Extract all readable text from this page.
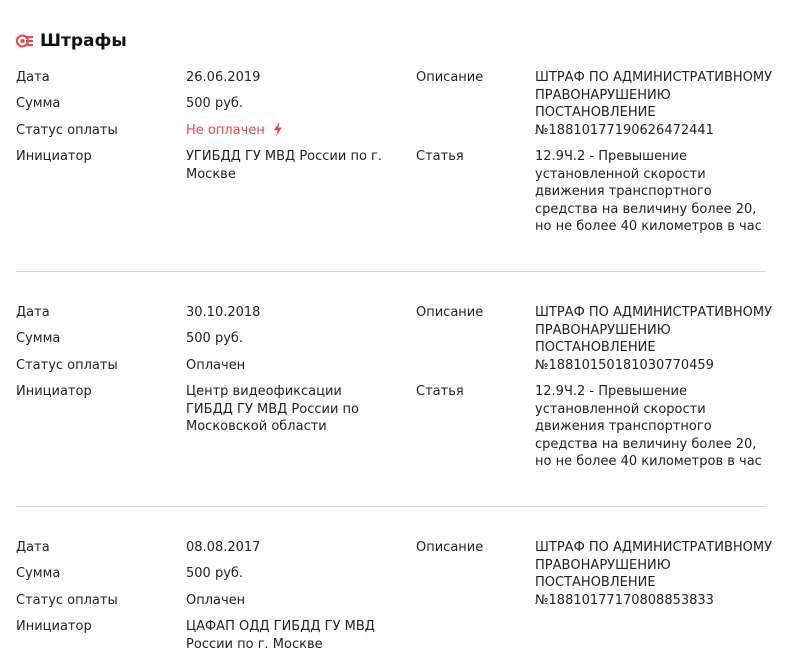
Штрафы
Дата	26.06.2019
Сумма	500 руб.
Статус оплаты	Не оплачен
Инициатор	УГИБДД ГУ МВД России по г. Москве
Описание	ШТРАФ ПО АДМИНИСТРАТИВНОМУ ПРАВОНАРУШЕНИЮ ПОСТАНОВЛЕНИЕ №18810177190626472441
Статья	12.9Ч.2 - Превышение установленной скорости движения транспортного средства на величину более 20, но не более 40 километров в час
Дата	30.10.2018
Сумма	500 руб.
Статус оплаты	Оплачен
Инициатор	Центр видеофиксации ГИБДД ГУ МВД России по Московской области
Описание	ШТРАФ ПО АДМИНИСТРАТИВНОМУ ПРАВОНАРУШЕНИЮ ПОСТАНОВЛЕНИЕ №18810150181030770459
Статья	12.9Ч.2 - Превышение установленной скорости движения транспортного средства на величину более 20, но не более 40 километров в час
Дата	08.08.2017
Сумма	500 руб.
Статус оплаты	Оплачен
Инициатор	ЦАФАП ОДД ГИБДД ГУ МВД России по г. Москве
Описание	ШТРАФ ПО АДМИНИСТРАТИВНОМУ ПРАВОНАРУШЕНИЮ ПОСТАНОВЛЕНИЕ №18810177170808853833
